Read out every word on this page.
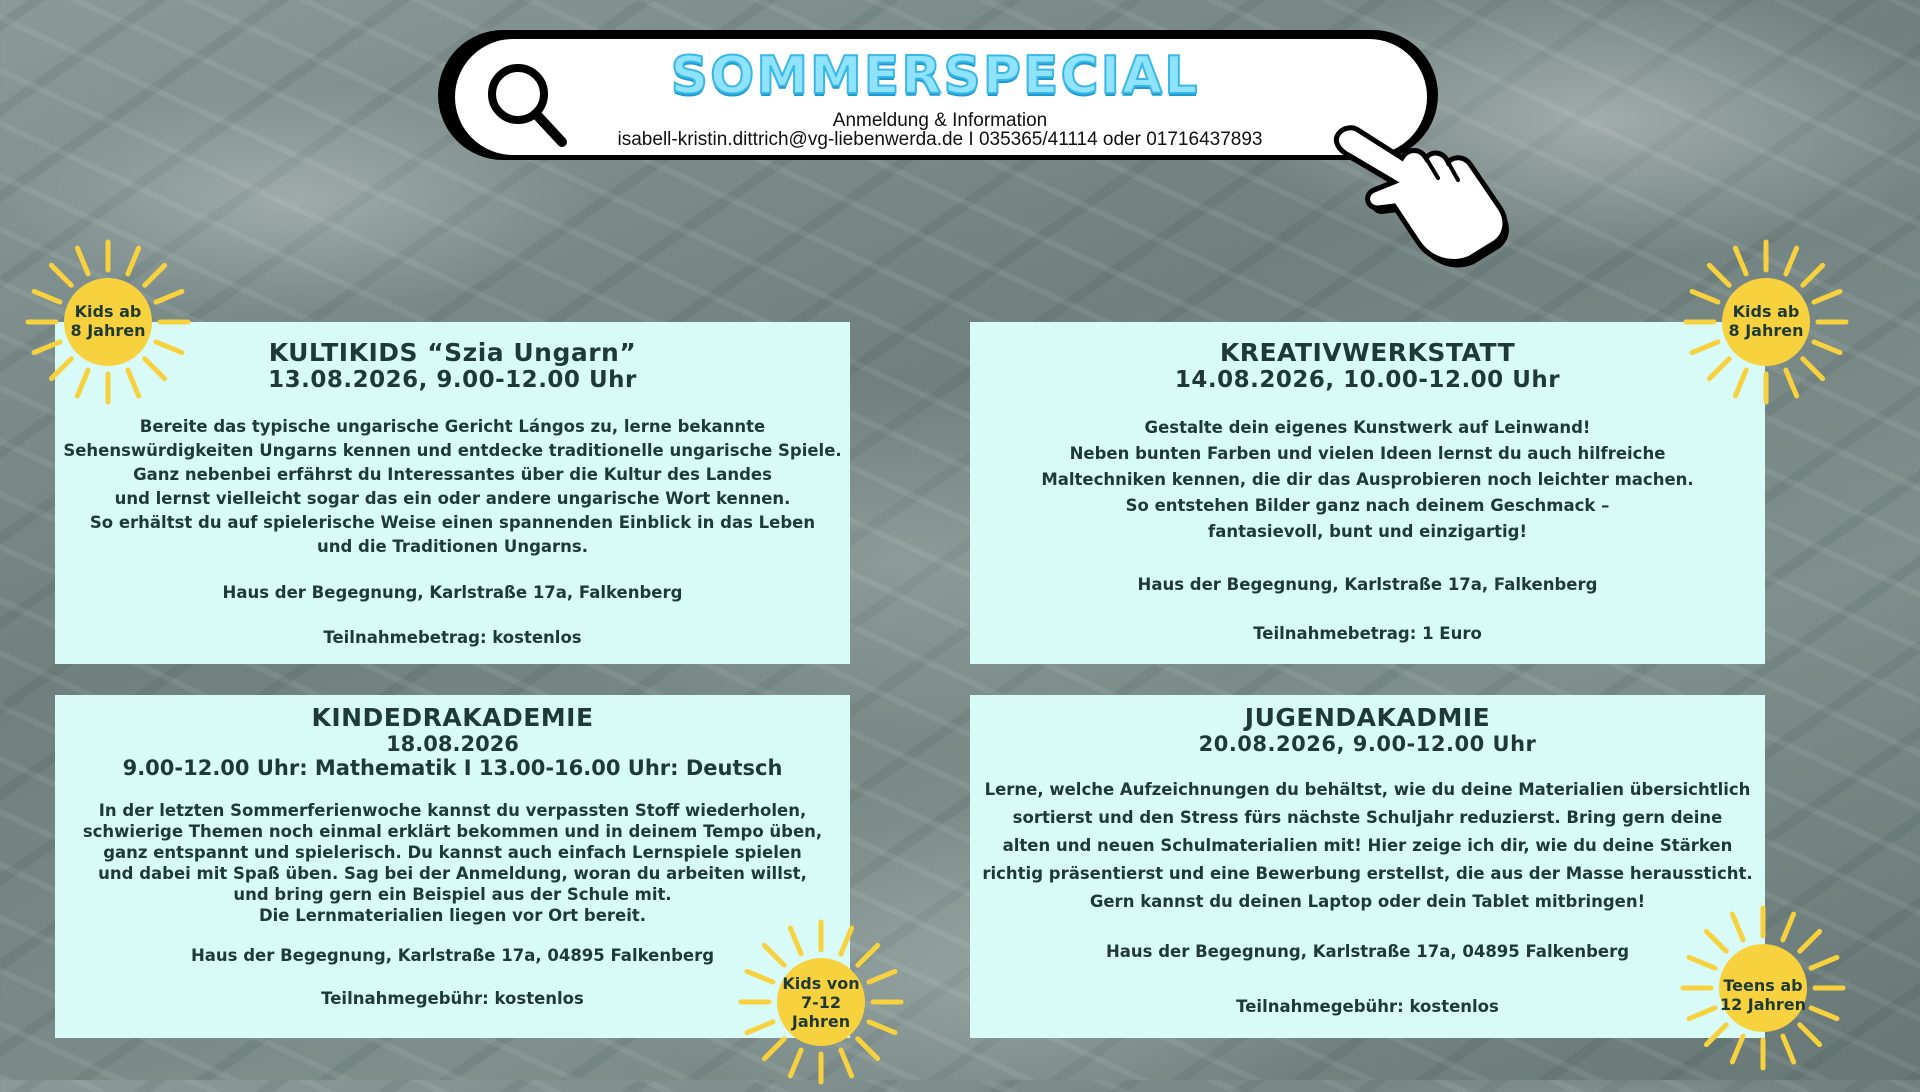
SOMMERSPECIAL
Anmeldung & Information
isabell-kristin.dittrich@vg-liebenwerda.de I 035365/41114 oder 01716437893
KULTIKIDS “Szia Ungarn”
13.08.2026, 9.00-12.00 Uhr
Bereite das typische ungarische Gericht Lángos zu, lerne bekannte
Sehenswürdigkeiten Ungarns kennen und entdecke traditionelle ungarische Spiele.
Ganz nebenbei erfährst du Interessantes über die Kultur des Landes
und lernst vielleicht sogar das ein oder andere ungarische Wort kennen.
So erhältst du auf spielerische Weise einen spannenden Einblick in das Leben
und die Traditionen Ungarns.
Haus der Begegnung, Karlstraße 17a, Falkenberg
Teilnahmebetrag: kostenlos
KREATIVWERKSTATT
14.08.2026, 10.00-12.00 Uhr
Gestalte dein eigenes Kunstwerk auf Leinwand!
Neben bunten Farben und vielen Ideen lernst du auch hilfreiche
Maltechniken kennen, die dir das Ausprobieren noch leichter machen.
So entstehen Bilder ganz nach deinem Geschmack –
fantasievoll, bunt und einzigartig!
Haus der Begegnung, Karlstraße 17a, Falkenberg
Teilnahmebetrag: 1 Euro
KINDEDRAKADEMIE
18.08.2026
9.00-12.00 Uhr: Mathematik I 13.00-16.00 Uhr: Deutsch
In der letzten Sommerferienwoche kannst du verpassten Stoff wiederholen,
schwierige Themen noch einmal erklärt bekommen und in deinem Tempo üben,
ganz entspannt und spielerisch. Du kannst auch einfach Lernspiele spielen
und dabei mit Spaß üben. Sag bei der Anmeldung, woran du arbeiten willst,
und bring gern ein Beispiel aus der Schule mit.
Die Lernmaterialien liegen vor Ort bereit.
Haus der Begegnung, Karlstraße 17a, 04895 Falkenberg
Teilnahmegebühr: kostenlos
JUGENDAKADMIE
20.08.2026, 9.00-12.00 Uhr
Lerne, welche Aufzeichnungen du behältst, wie du deine Materialien übersichtlich
sortierst und den Stress fürs nächste Schuljahr reduzierst. Bring gern deine
alten und neuen Schulmaterialien mit! Hier zeige ich dir, wie du deine Stärken
richtig präsentierst und eine Bewerbung erstellst, die aus der Masse heraussticht.
Gern kannst du deinen Laptop oder dein Tablet mitbringen!
Haus der Begegnung, Karlstraße 17a, 04895 Falkenberg
Teilnahmegebühr: kostenlos
Kids ab
8 Jahren
Kids ab
8 Jahren
Kids von
7-12
Jahren
Teens ab
12 Jahren
